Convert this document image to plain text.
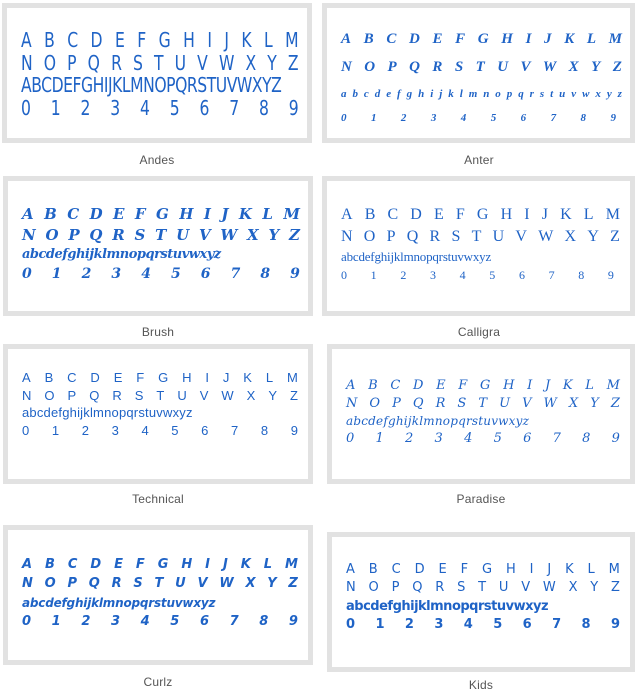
A B C D E F G H I J K L M
N O P Q R S T U V W X Y Z
ABCDEFGHIJKLMNOPQRSTUVWXYZ
0 1 2 3 4 5 6 7 8 9
Andes
A B C D E F G H I J K L M
N O P Q R S T U V W X Y Z
a b c d e f g h i j k l m n o p q r s t u v w x y z
0 1 2 3 4 5 6 7 8 9
Anter
A B C D E F G H I J K L M
N O P Q R S T U V W X Y Z
abcdefghijklmnopqrstuvwxyz
0 1 2 3 4 5 6 7 8 9
Brush
A B C D E F G H I J K L M
N O P Q R S T U V W X Y Z
abcdefghijklmnopqrstuvwxyz
0 1 2 3 4 5 6 7 8 9
Calligra
A B C D E F G H I J K L M
N O P Q R S T U V W X Y Z
abcdefghijklmnopqrstuvwxyz
0 1 2 3 4 5 6 7 8 9
Technical
A B C D E F G H I J K L M
N O P Q R S T U V W X Y Z
abcdefghijklmnopqrstuvwxyz
0 1 2 3 4 5 6 7 8 9
Paradise
A B C D E F G H I J K L M
N O P Q R S T U V W X Y Z
abcdefghijklmnopqrstuvwxyz
0 1 2 3 4 5 6 7 8 9
Curlz
A B C D E F G H I J K L M
N O P Q R S T U V W X Y Z
abcdefghijklmnopqrstuvwxyz
0 1 2 3 4 5 6 7 8 9
Kids
